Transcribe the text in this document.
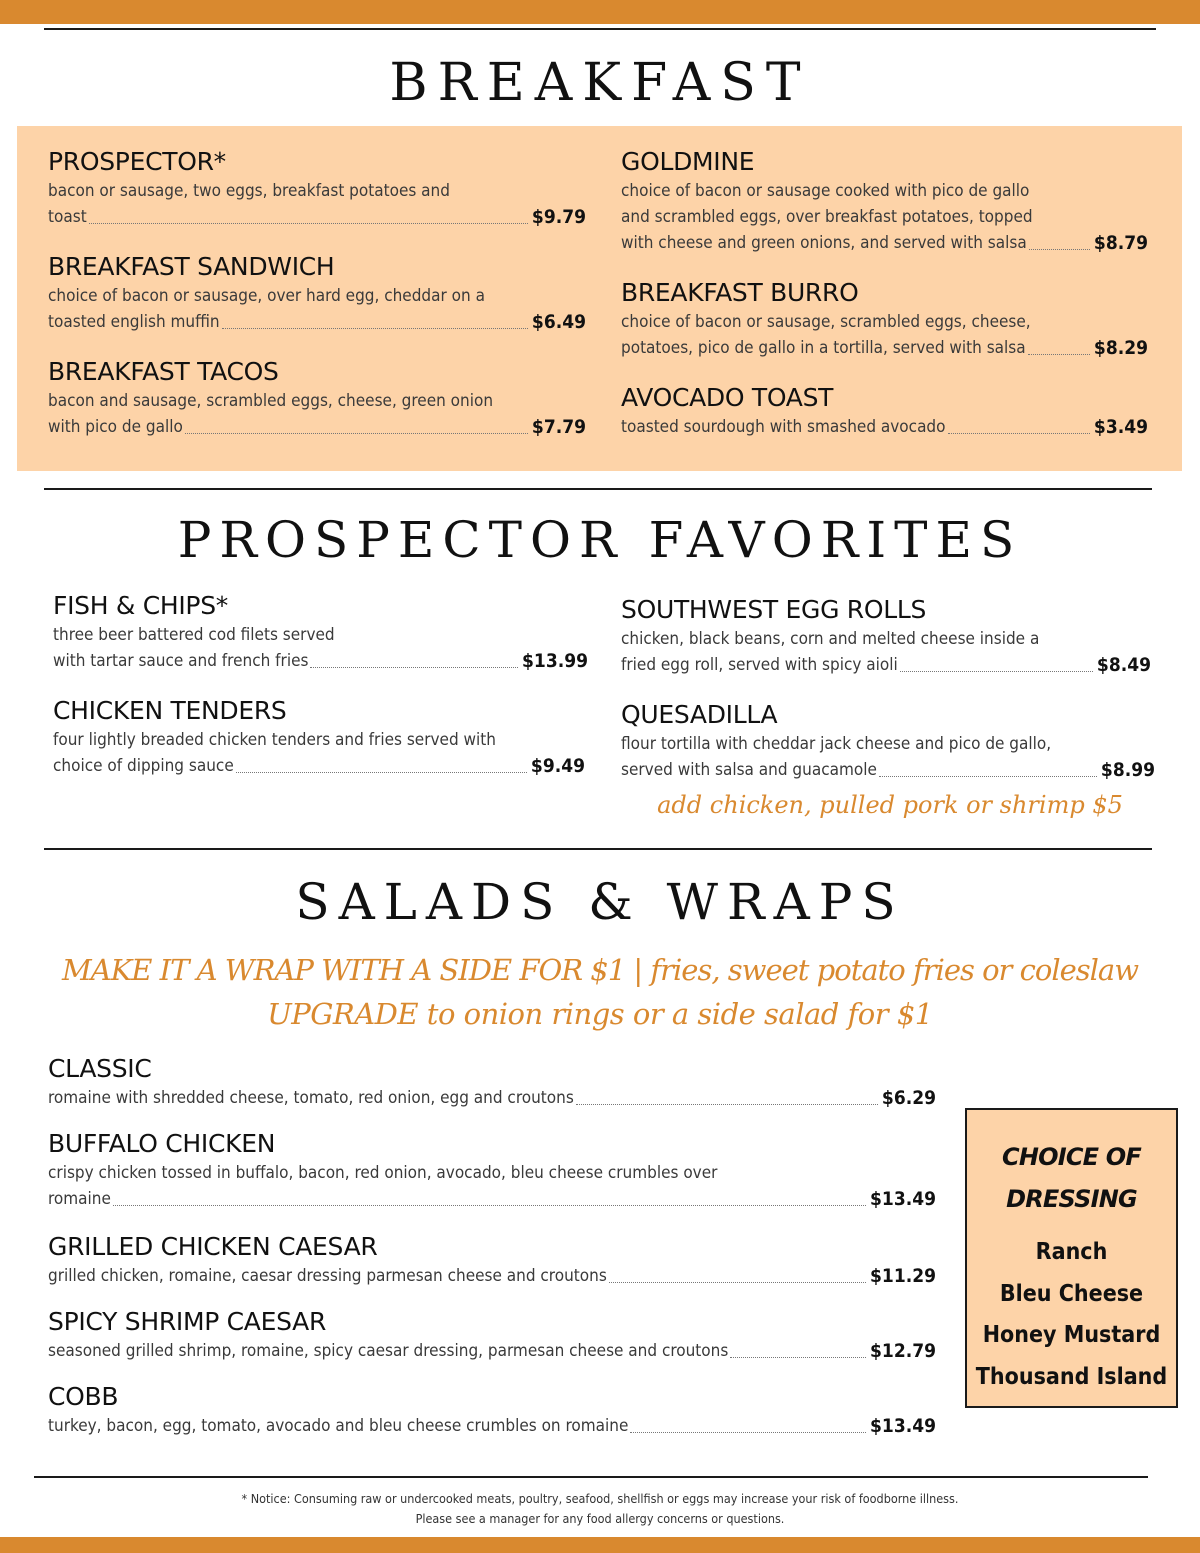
BREAKFAST
PROSPECTOR*
bacon or sausage, two eggs, breakfast potatoes and
toast	$9.79
BREAKFAST SANDWICH
choice of bacon or sausage, over hard egg, cheddar on a
toasted english muffin	$6.49
BREAKFAST TACOS
bacon and sausage, scrambled eggs, cheese, green onion
with pico de gallo	$7.79
GOLDMINE
choice of bacon or sausage cooked with pico de gallo
and scrambled eggs, over breakfast potatoes, topped
with cheese and green onions, and served with salsa	$8.79
BREAKFAST BURRO
choice of bacon or sausage, scrambled eggs, cheese,
potatoes, pico de gallo in a tortilla, served with salsa	$8.29
AVOCADO TOAST
toasted sourdough with smashed avocado	$3.49
PROSPECTOR FAVORITES
FISH & CHIPS*
three beer battered cod filets served
with tartar sauce and french fries	$13.99
CHICKEN TENDERS
four lightly breaded chicken tenders and fries served with
choice of dipping sauce	$9.49
SOUTHWEST EGG ROLLS
chicken, black beans, corn and melted cheese inside a
fried egg roll, served with spicy aioli	$8.49
QUESADILLA
flour tortilla with cheddar jack cheese and pico de gallo,
served with salsa and guacamole	$8.99
add chicken, pulled pork or shrimp $5
SALADS & WRAPS
MAKE IT A WRAP WITH A SIDE FOR $1 | fries, sweet potato fries or coleslaw
UPGRADE to onion rings or a side salad for $1
CLASSIC
romaine with shredded cheese, tomato, red onion, egg and croutons	$6.29
BUFFALO CHICKEN
crispy chicken tossed in buffalo, bacon, red onion, avocado, bleu cheese crumbles over
romaine	$13.49
GRILLED CHICKEN CAESAR
grilled chicken, romaine, caesar dressing parmesan cheese and croutons	$11.29
SPICY SHRIMP CAESAR
seasoned grilled shrimp, romaine, spicy caesar dressing, parmesan cheese and croutons	$12.79
COBB
turkey, bacon, egg, tomato, avocado and bleu cheese crumbles on romaine	$13.49
CHOICE OF
DRESSING
Ranch
Bleu Cheese
Honey Mustard
Thousand Island
* Notice: Consuming raw or undercooked meats, poultry, seafood, shellfish or eggs may increase your risk of foodborne illness.
Please see a manager for any food allergy concerns or questions.
